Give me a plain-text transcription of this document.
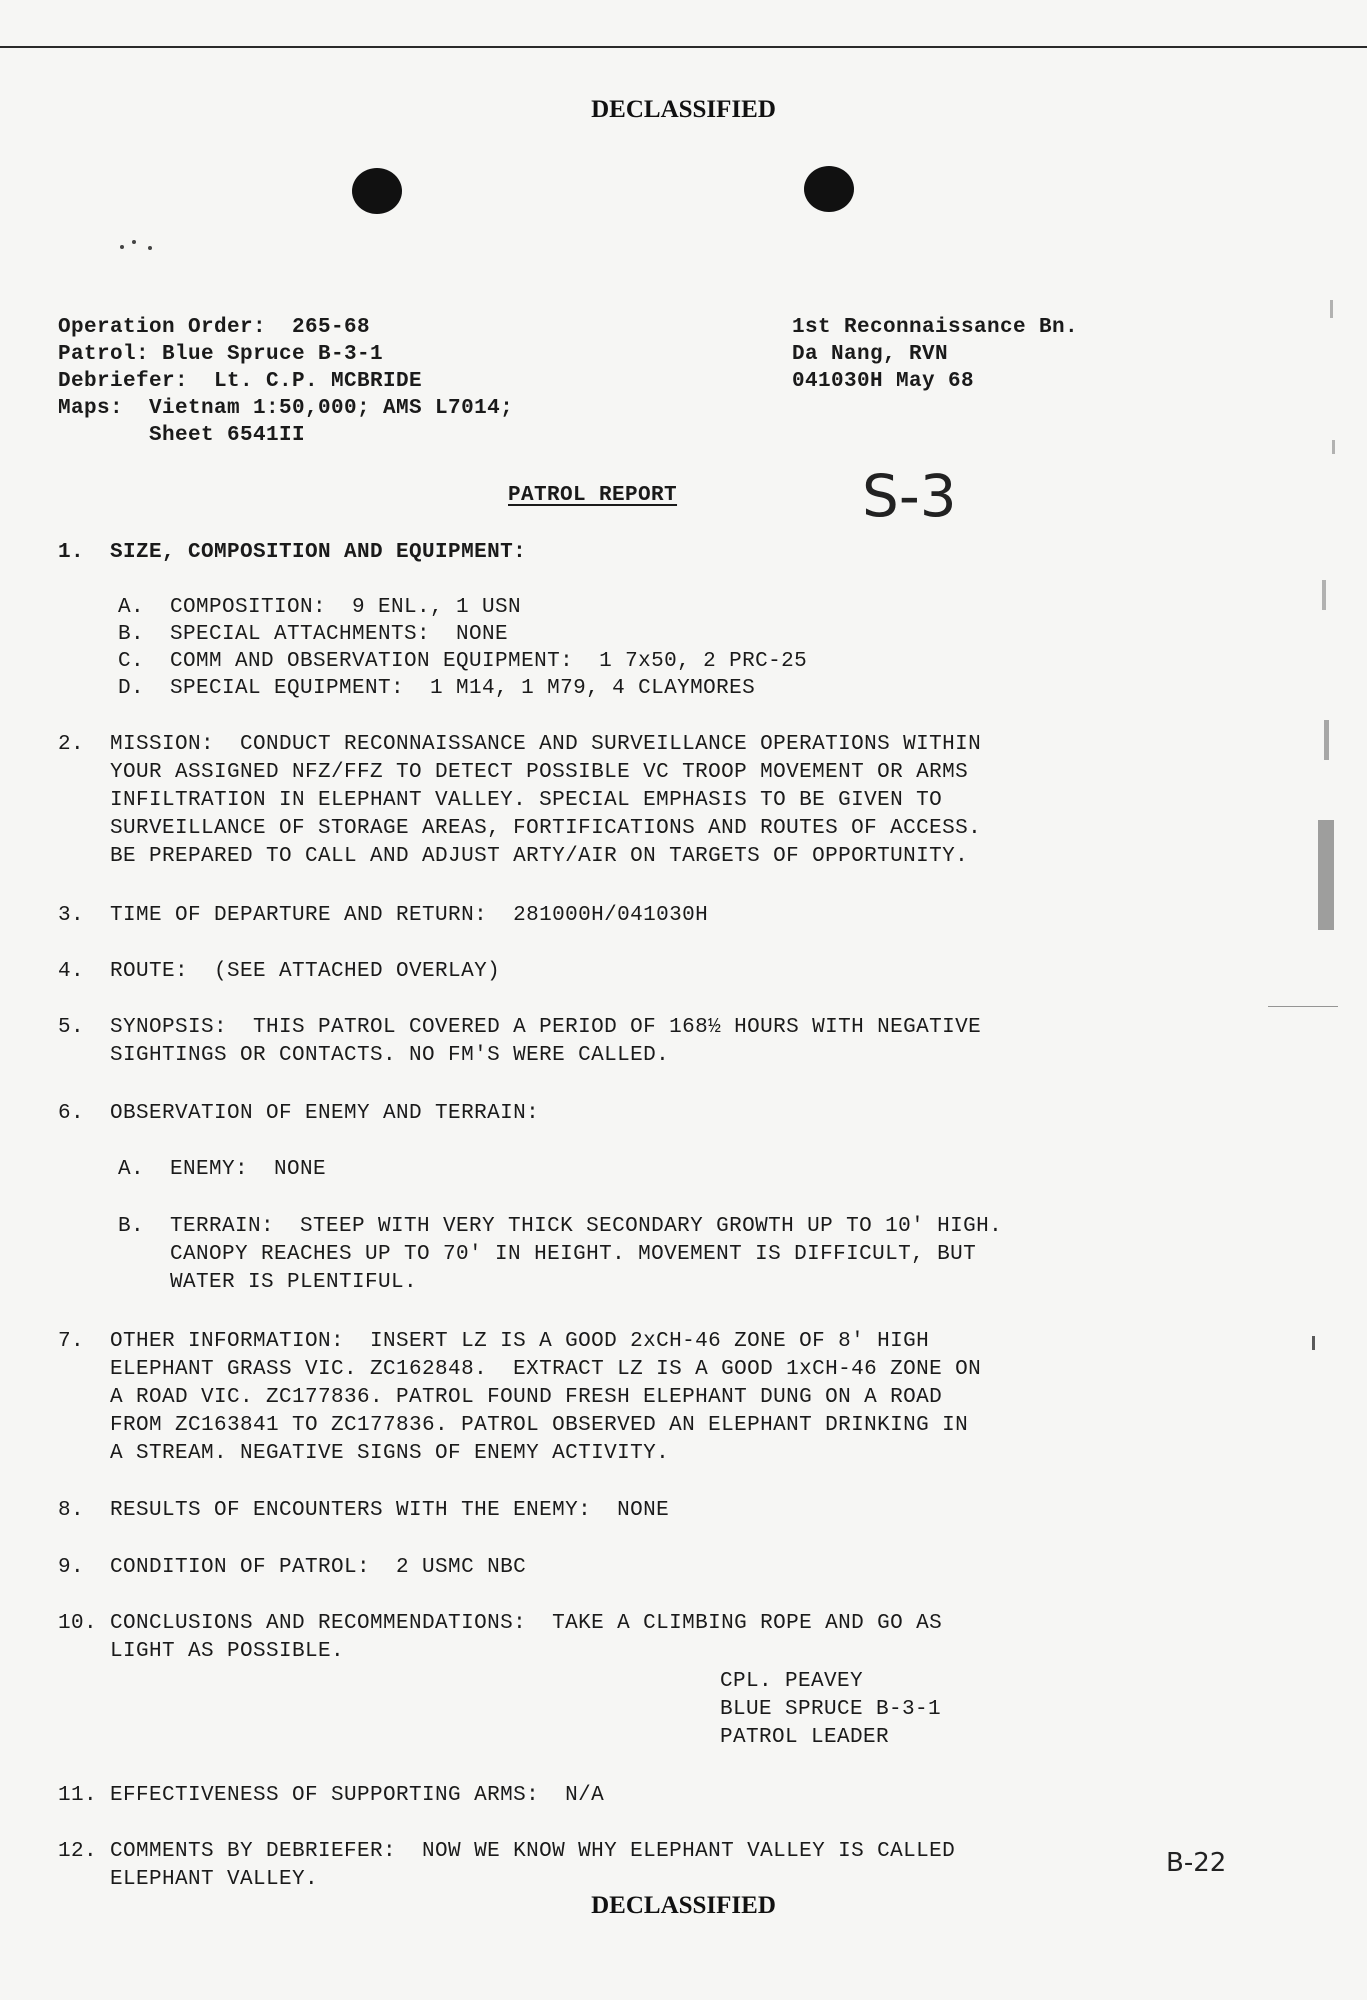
DECLASSIFIED
Operation Order:  265-68
Patrol: Blue Spruce B-3-1
Debriefer:  Lt. C.P. MCBRIDE
Maps:  Vietnam 1:50,000; AMS L7014;
Sheet 6541II
1st Reconnaissance Bn.
Da Nang, RVN
041030H May 68
PATROL REPORT	S-3
1.  SIZE, COMPOSITION AND EQUIPMENT:
A.  COMPOSITION:  9 ENL., 1 USN
B.  SPECIAL ATTACHMENTS:  NONE
C.  COMM AND OBSERVATION EQUIPMENT:  1 7x50, 2 PRC-25
D.  SPECIAL EQUIPMENT:  1 M14, 1 M79, 4 CLAYMORES
2.  MISSION:  CONDUCT RECONNAISSANCE AND SURVEILLANCE OPERATIONS WITHIN
YOUR ASSIGNED NFZ/FFZ TO DETECT POSSIBLE VC TROOP MOVEMENT OR ARMS
INFILTRATION IN ELEPHANT VALLEY. SPECIAL EMPHASIS TO BE GIVEN TO
SURVEILLANCE OF STORAGE AREAS, FORTIFICATIONS AND ROUTES OF ACCESS.
BE PREPARED TO CALL AND ADJUST ARTY/AIR ON TARGETS OF OPPORTUNITY.
3.  TIME OF DEPARTURE AND RETURN:  281000H/041030H
4.  ROUTE:  (SEE ATTACHED OVERLAY)
5.  SYNOPSIS:  THIS PATROL COVERED A PERIOD OF 168½ HOURS WITH NEGATIVE
SIGHTINGS OR CONTACTS. NO FM'S WERE CALLED.
6.  OBSERVATION OF ENEMY AND TERRAIN:
A.  ENEMY:  NONE
B.  TERRAIN:  STEEP WITH VERY THICK SECONDARY GROWTH UP TO 10' HIGH.
CANOPY REACHES UP TO 70' IN HEIGHT. MOVEMENT IS DIFFICULT, BUT
WATER IS PLENTIFUL.
7.  OTHER INFORMATION:  INSERT LZ IS A GOOD 2xCH-46 ZONE OF 8' HIGH
ELEPHANT GRASS VIC. ZC162848.  EXTRACT LZ IS A GOOD 1xCH-46 ZONE ON
A ROAD VIC. ZC177836. PATROL FOUND FRESH ELEPHANT DUNG ON A ROAD
FROM ZC163841 TO ZC177836. PATROL OBSERVED AN ELEPHANT DRINKING IN
A STREAM. NEGATIVE SIGNS OF ENEMY ACTIVITY.
8.  RESULTS OF ENCOUNTERS WITH THE ENEMY:  NONE
9.  CONDITION OF PATROL:  2 USMC NBC
10. CONCLUSIONS AND RECOMMENDATIONS:  TAKE A CLIMBING ROPE AND GO AS
LIGHT AS POSSIBLE.
CPL. PEAVEY
BLUE SPRUCE B-3-1
PATROL LEADER
11. EFFECTIVENESS OF SUPPORTING ARMS:  N/A
12. COMMENTS BY DEBRIEFER:  NOW WE KNOW WHY ELEPHANT VALLEY IS CALLED
ELEPHANT VALLEY.
B-22
DECLASSIFIED
